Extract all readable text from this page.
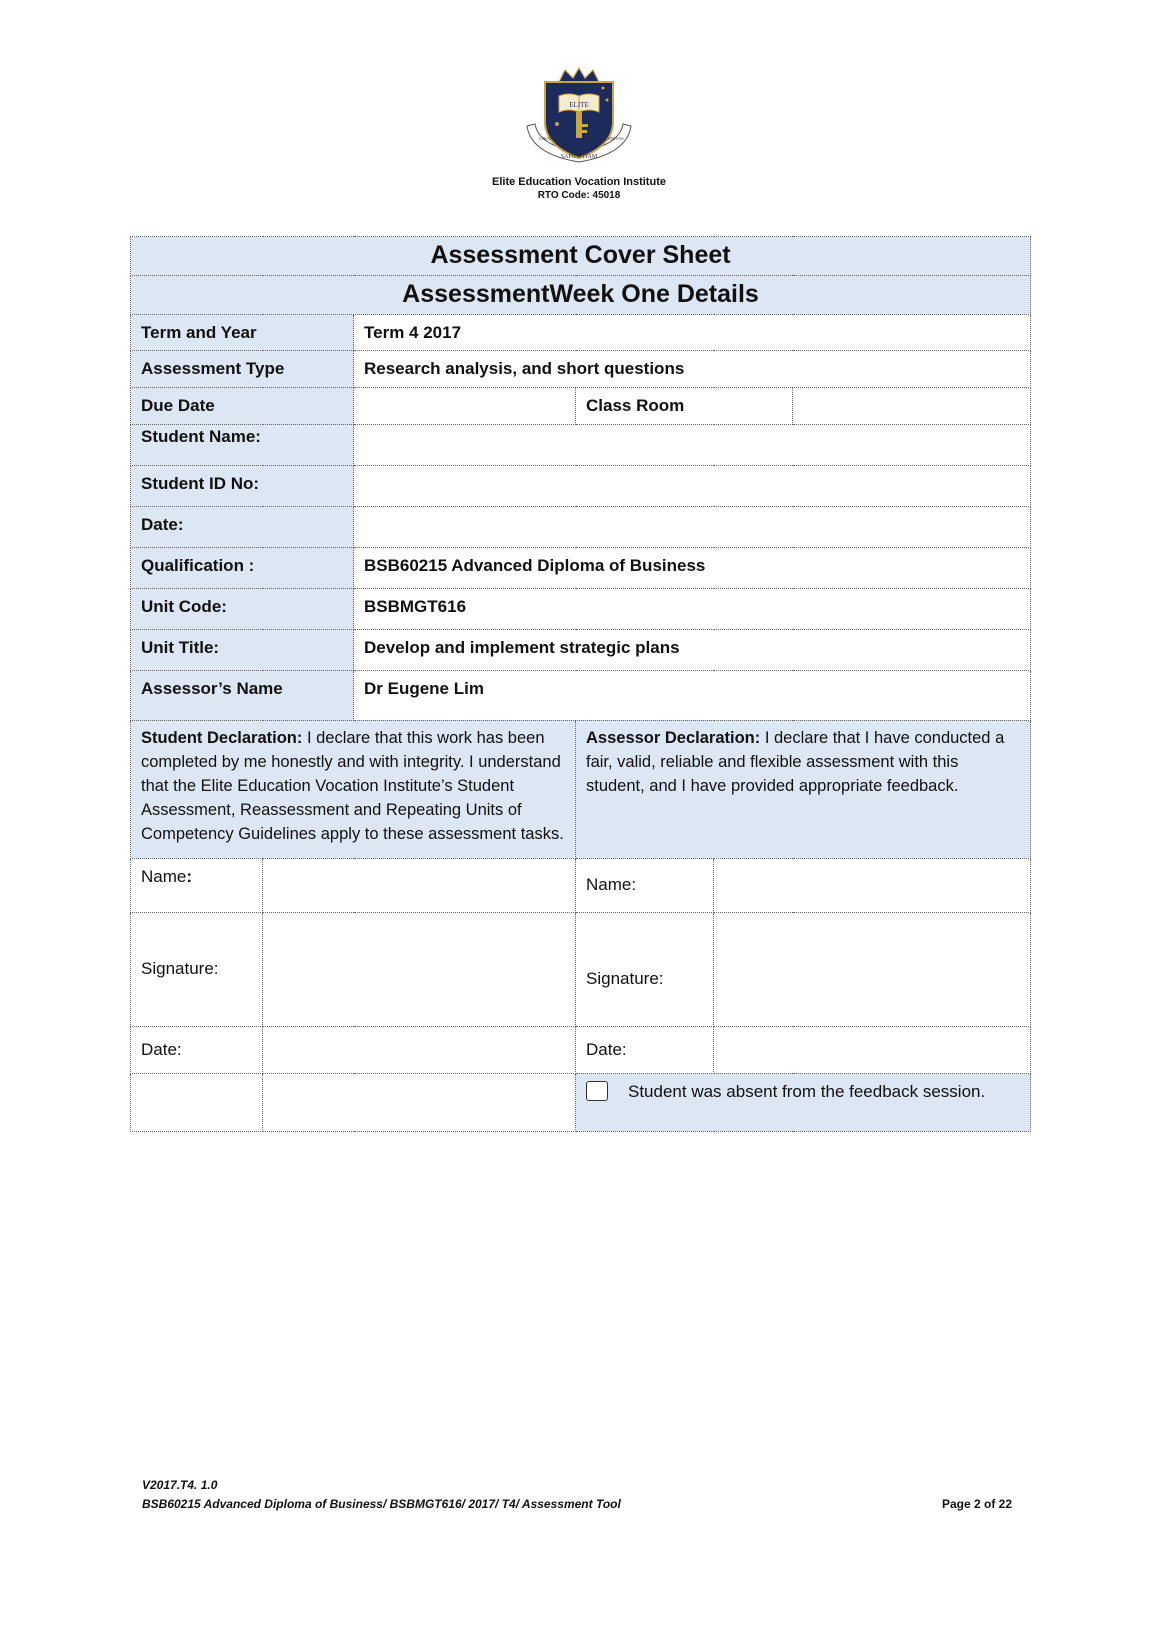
ELITE
SAPIENTIAM
COGNITIO	VERITAS
Elite Education Vocation Institute
RTO Code: 45018
Assessment Cover Sheet					
AssessmentWeek One Details					
Term and Year		Term 4 2017			
Assessment Type		Research analysis, and short questions			
Due Date			Class Room		
Student Name:					
Student ID No:					
Date:					
Qualification :		BSB60215 Advanced Diploma of Business			
Unit Code:		BSBMGT616			
Unit Title:		Develop and implement strategic plans			
Assessor’s Name		Dr Eugene Lim			
Student Declaration: I declare that this work has been completed by me honestly and with integrity. I understand that the Elite Education Vocation Institute’s Student Assessment, Reassessment and Repeating Units of Competency Guidelines apply to these assessment tasks.			Assessor Declaration: I declare that I have conducted a fair, valid, reliable and flexible assessment with this student, and I have provided appropriate feedback.		
Name:			Name:		
Signature:			Signature:		
Date:			Date:		
			Student was absent from the feedback session.		
V2017.T4. 1.0
BSB60215 Advanced Diploma of Business/ BSBMGT616/ 2017/ T4/ Assessment Tool	Page 2 of 22
